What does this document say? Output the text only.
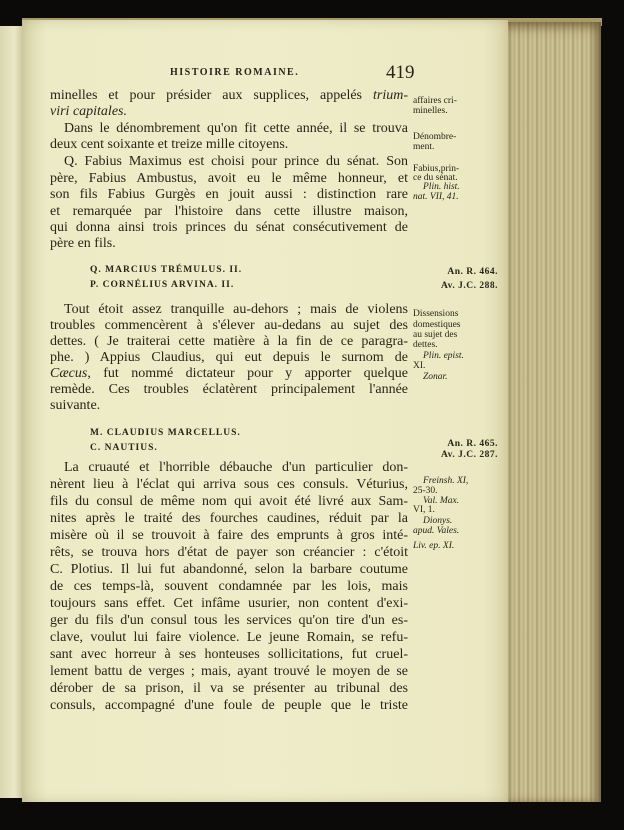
HISTOIRE ROMAINE.	419
minelles et pour présider aux supplices, appelés trium-
viri capitales.
Dans le dénombrement qu'on fit cette année, il se trouva
deux cent soixante et treize mille citoyens.
Q. Fabius Maximus est choisi pour prince du sénat. Son
père, Fabius Ambustus, avoit eu le même honneur, et
son fils Fabius Gurgès en jouit aussi : distinction rare
et remarquée par l'histoire dans cette illustre maison,
qui donna ainsi trois princes du sénat consécutivement de
père en fils.
Tout étoit assez tranquille au-dehors ; mais de violens
troubles commencèrent à s'élever au-dedans au sujet des
dettes. ( Je traiterai cette matière à la fin de ce paragra-
phe. ) Appius Claudius, qui eut depuis le surnom de
Cæcus, fut nommé dictateur pour y apporter quelque
remède. Ces troubles éclatèrent principalement l'année
suivante.
La cruauté et l'horrible débauche d'un particulier don-
nèrent lieu à l'éclat qui arriva sous ces consuls. Véturius,
fils du consul de même nom qui avoit été livré aux Sam-
nites après le traité des fourches caudines, réduit par la
misère où il se trouvoit à faire des emprunts à gros inté-
rêts, se trouva hors d'état de payer son créancier : c'étoit
C. Plotius. Il lui fut abandonné, selon la barbare coutume
de ces temps-là, souvent condamnée par les lois, mais
toujours sans effet. Cet infâme usurier, non content d'exi-
ger du fils d'un consul tous les services qu'on tire d'un es-
clave, voulut lui faire violence. Le jeune Romain, se refu-
sant avec horreur à ses honteuses sollicitations, fut cruel-
lement battu de verges ; mais, ayant trouvé le moyen de se
dérober de sa prison, il va se présenter au tribunal des
consuls, accompagné d'une foule de peuple que le triste
Q. MARCIUS TRÉMULUS. II.
P. CORNÉLIUS ARVINA. II.
M. CLAUDIUS MARCELLUS.
C. NAUTIUS.
affaires cri-
minelles.
Dénombre-
ment.
Fabius,prin-
ce du sénat.
Plin. hist.
nat. VII, 41.
An. R. 464.
Av. J.C. 288.
Dissensions
domestiques
au sujet des
dettes.
Plin. epist.
XI.
Zonar.
An. R. 465.
Av. J.C. 287.
Freinsh. XI,
25-30.
Val. Max.
VI, 1.
Dionys.
apud. Vales.
Liv. ep. XI.
